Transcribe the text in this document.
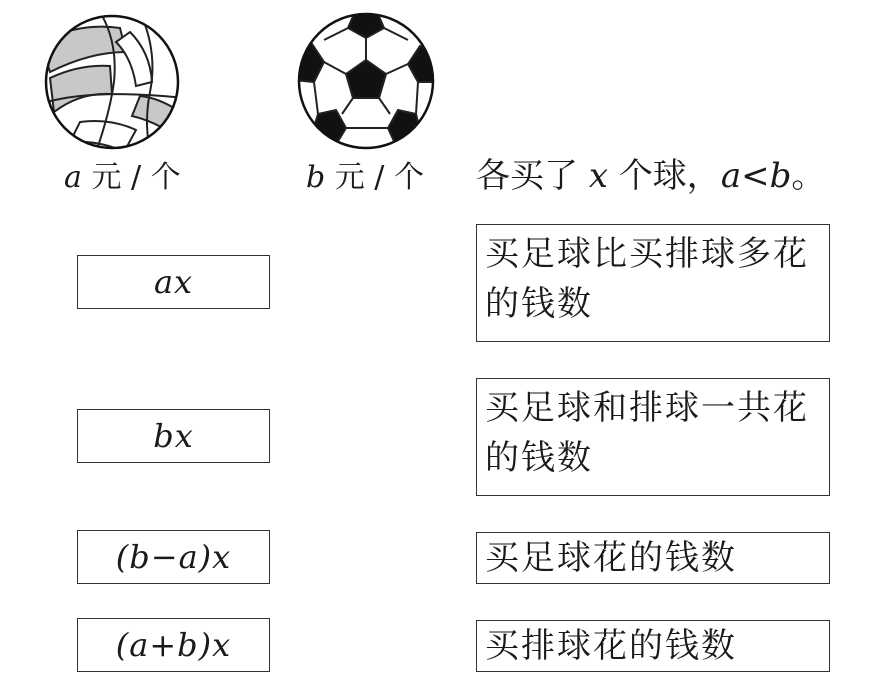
a 元 / 个	b 元 / 个 各买了 x 个球，a<b。
ax
bx
(b−a)x
(a+b)x
买足球比买排球多花的钱数
买足球和排球一共花的钱数
买足球花的钱数
买排球花的钱数
